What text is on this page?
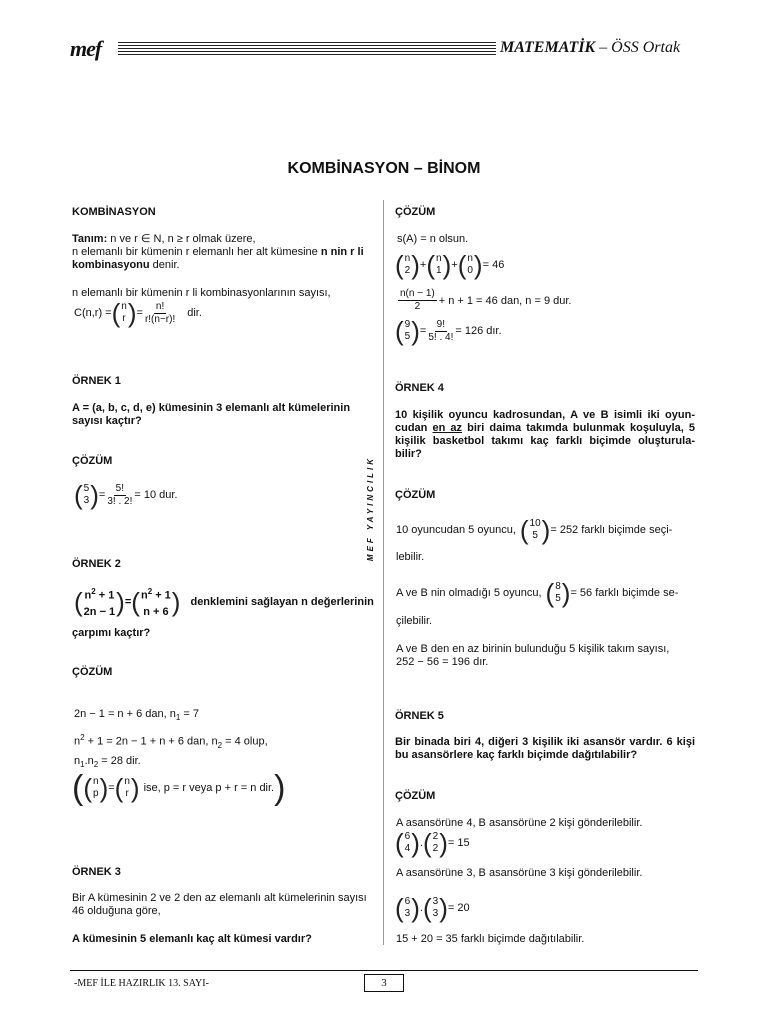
mef	MATEMATİK – ÖSS Ortak
KOMBİNASYON – BİNOM
MEF YAYINCILIK
KOMBİNASYON
Tanım: n ve r ∈ N, n ≥ r olmak üzere,
n elemanlı bir kümenin r elemanlı her alt kümesine n nin r li kombinasyonu denir.
n elemanlı bir kümenin r li kombinasyonlarının sayısı,
C(n,r) = ( n
r ) = $\frac{n!}{r!(n-r)!}$ dir.
ÖRNEK 1
A = (a, b, c, d, e) kümesinin 3 elemanlı alt kümelerinin sayısı kaçtır?
ÇÖZÜM
( 5
3 ) = $\frac{5!}{3! . 2!} = 10$ dur.
ÖRNEK 2
( $n^2 + 1$
2n − 1 ) = ( $n^2 + 1$
n + 6 ) denklemini sağlayan n değerlerinin
çarpımı kaçtır?
ÇÖZÜM
2n − 1 = n + 6 dan, $n_1 = 7$
$n^2 + 1 = 2n - 1 + n + 6$ dan, $n_2 = 4$ olup,
$n_1.n_2 = 28$ dir.
( ( n
p ) = ( n
r ) ise, p = r veya p + r = n dir. )
ÖRNEK 3
Bir A kümesinin 2 ve 2 den az elemanlı alt kümelerinin sayısı 46 olduğuna göre,
A kümesinin 5 elemanlı kaç alt kümesi vardır?
ÇÖZÜM
s(A) = n olsun.
( n
2 ) + ( n
1 ) + ( n
0 ) = 46
$\frac{n(n - 1)}{2} + n + 1 = 46$ dan, n = 9 dur.
( 9
5 ) = $\frac{9!}{5! . 4!} = 126$ dır.
ÖRNEK 4
10 kişilik oyuncu kadrosundan, A ve B isimli iki oyun-cudan en az biri daima takımda bulunmak koşuluyla, 5 kişilik basketbol takımı kaç farklı biçimde oluşturula-bilir?
ÇÖZÜM
10 oyuncudan 5 oyuncu, ( 10
5 ) = 252 farklı biçimde seçi-
lebilir.
A ve B nin olmadığı 5 oyuncu, ( 8
5 ) = 56 farklı biçimde se-
çilebilir.
A ve B den en az birinin bulunduğu 5 kişilik takım sayısı,
252 − 56 = 196 dır.
ÖRNEK 5
Bir binada biri 4, diğeri 3 kişilik iki asansör vardır. 6 kişi bu asansörlere kaç farklı biçimde dağıtılabilir?
ÇÖZÜM
A asansörüne 4, B asansörüne 2 kişi gönderilebilir.
( 6
4 ) . ( 2
2 ) = 15
A asansörüne 3, B asansörüne 3 kişi gönderilebilir.
( 6
3 ) . ( 3
3 ) = 20
15 + 20 = 35 farklı biçimde dağıtılabilir.
-MEF İLE HAZIRLIK 13. SAYI-	3
